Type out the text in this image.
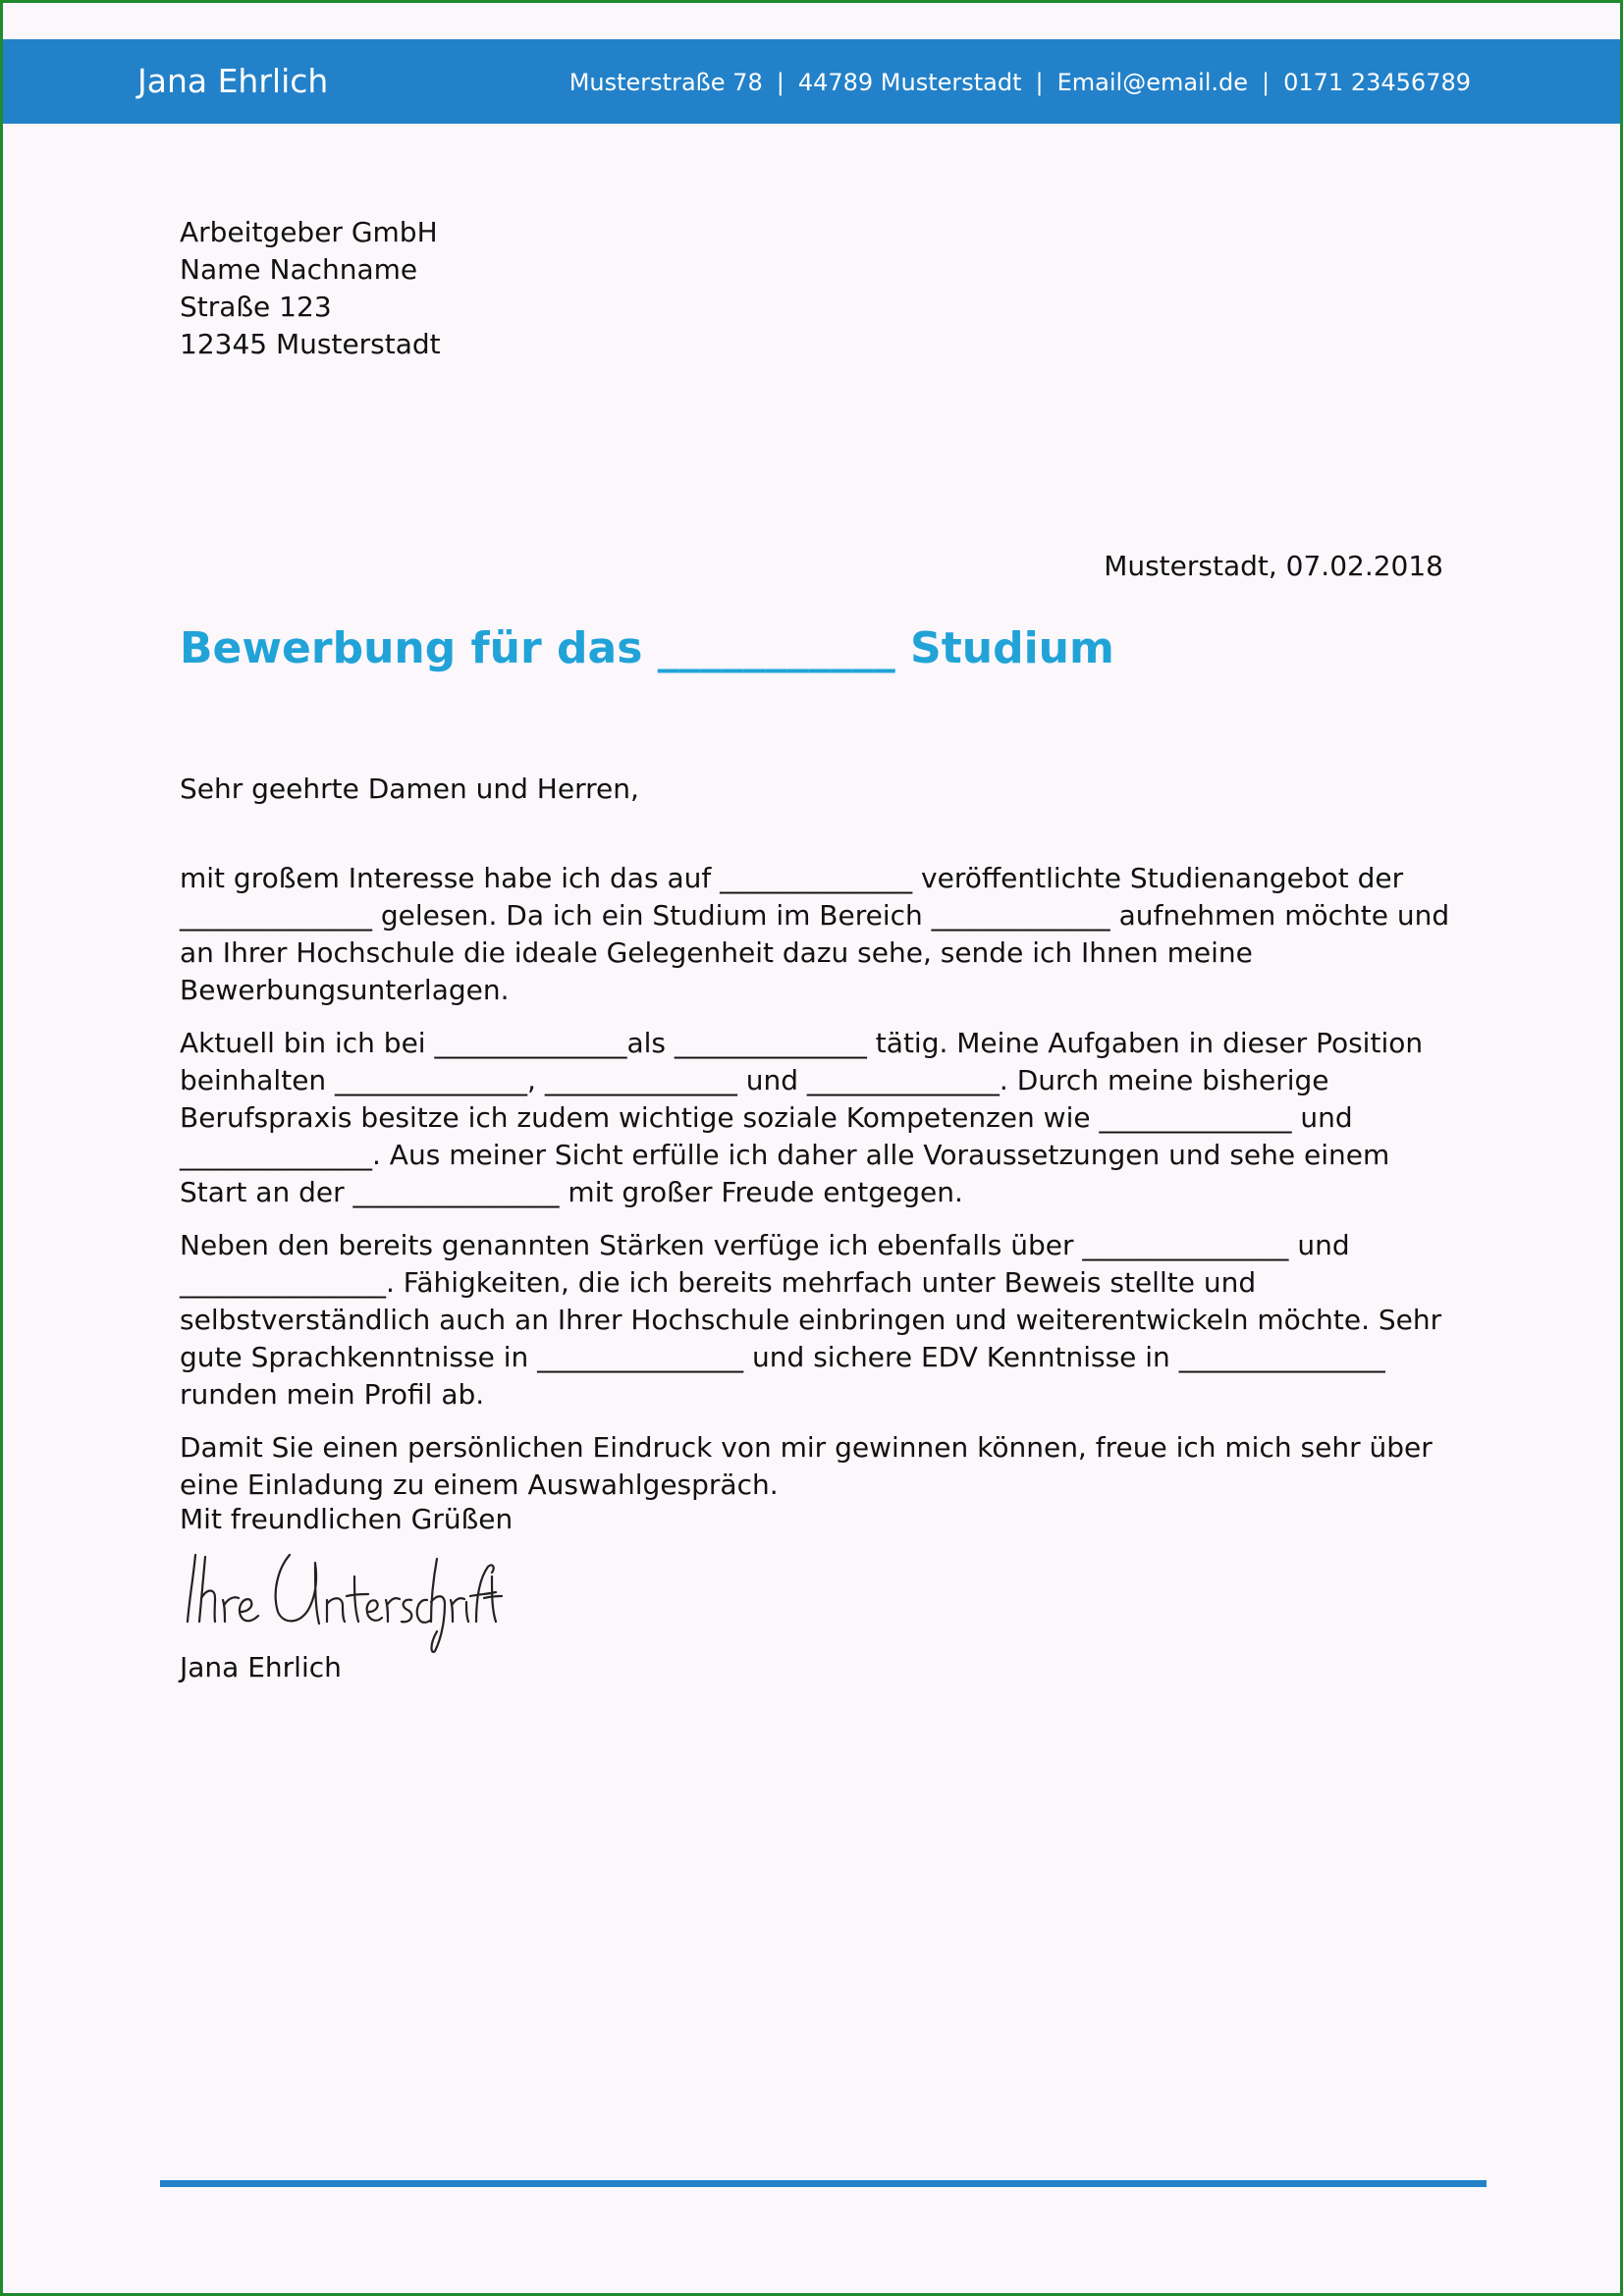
Jana Ehrlich	Musterstraße 78 | 44789 Musterstadt | Email@email.de | 0171 23456789
Arbeitgeber GmbH
Name Nachname
Straße 123
12345 Musterstadt
Musterstadt, 07.02.2018
Bewerbung für das ___________ Studium
Sehr geehrte Damen und Herren,

mit großem Interesse habe ich das auf ______________ veröffentlichte Studienangebot der ______________ gelesen. Da ich ein Studium im Bereich _____________ aufnehmen möchte und an Ihrer Hochschule die ideale Gelegenheit dazu sehe, sende ich Ihnen meine Bewerbungsunterlagen.

Aktuell bin ich bei ______________als ______________ tätig. Meine Aufgaben in dieser Position beinhalten ______________, ______________ und ______________. Durch meine bisherige Berufspraxis besitze ich zudem wichtige soziale Kompetenzen wie ______________ und ______________. Aus meiner Sicht erfülle ich daher alle Voraussetzungen und sehe einem Start an der _______________ mit großer Freude entgegen.

Neben den bereits genannten Stärken verfüge ich ebenfalls über _______________ und _______________. Fähigkeiten, die ich bereits mehrfach unter Beweis stellte und selbstverständlich auch an Ihrer Hochschule einbringen und weiterentwickeln möchte. Sehr gute Sprachkenntnisse in _______________ und sichere EDV Kenntnisse in _______________ runden mein Profil ab.

Damit Sie einen persönlichen Eindruck von mir gewinnen können, freue ich mich sehr über eine Einladung zu einem Auswahlgespräch.

Mit freundlichen Grüßen
Jana Ehrlich
